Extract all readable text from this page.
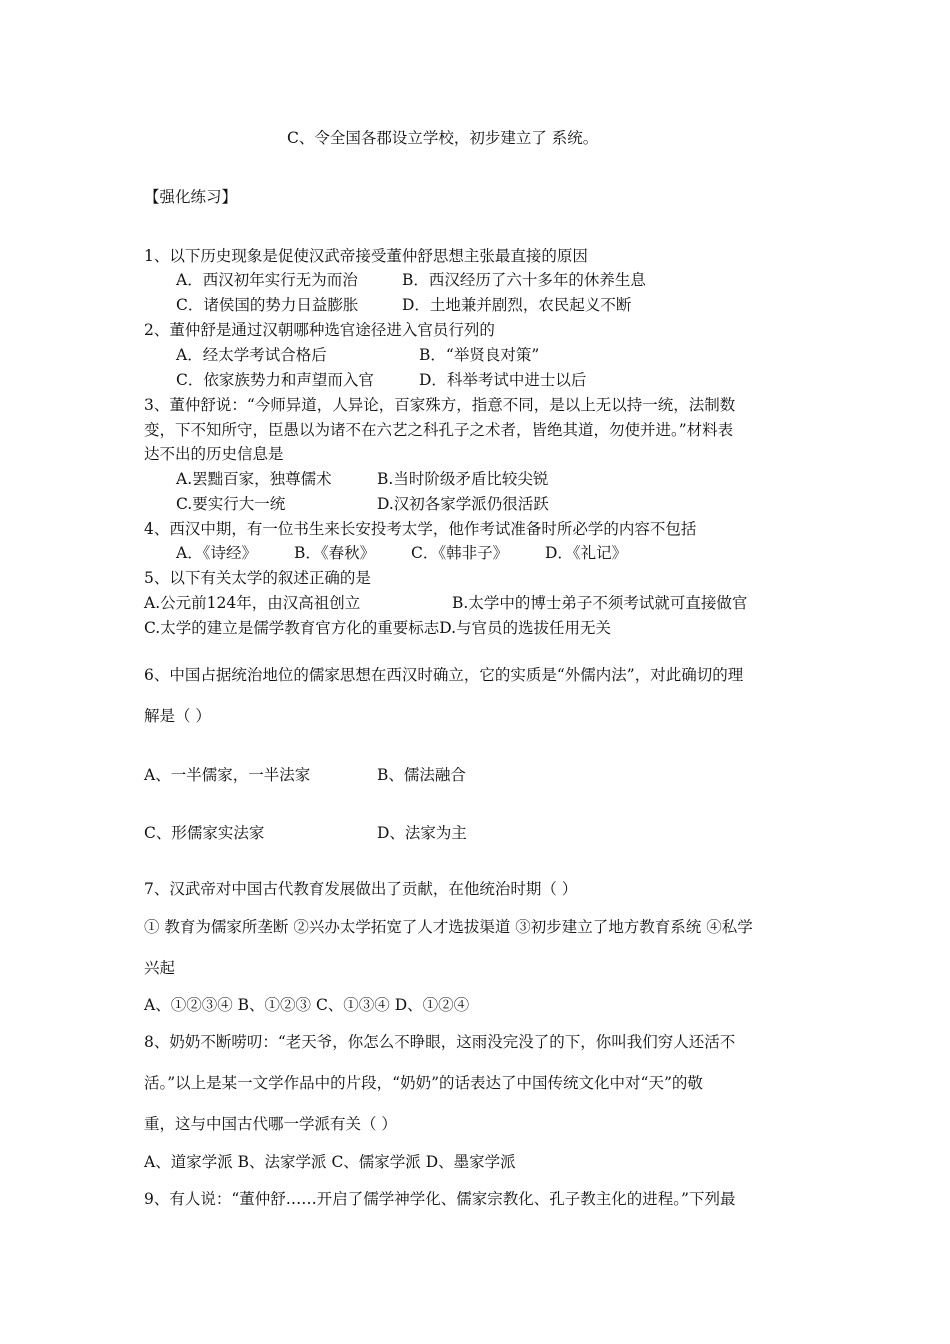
C、令全国各郡设立学校，初步建立了 系统。
【强化练习】
1、以下历史现象是促使汉武帝接受董仲舒思想主张最直接的原因
A．西汉初年实行无为而治	B．西汉经历了六十多年的休养生息
C．诸侯国的势力日益膨胀	D．土地兼并剧烈，农民起义不断
2、董仲舒是通过汉朝哪种选官途径进入官员行列的
A．经太学考试合格后	B．“举贤良对策”
C．依家族势力和声望而入官	D．科举考试中进士以后
3、董仲舒说：“今师异道，人异论，百家殊方，指意不同，是以上无以持一统，法制数
变，下不知所守，臣愚以为诸不在六艺之科孔子之术者，皆绝其道，勿使并进。”材料表
达不出的历史信息是
A.罢黜百家，独尊儒术	B.当时阶级矛盾比较尖锐
C.要实行大一统	D.汉初各家学派仍很活跃
4、西汉中期，有一位书生来长安投考太学，他作考试准备时所必学的内容不包括
A．《诗经》 B．《春秋》 C．《韩非子》 D．《礼记》
5、以下有关太学的叙述正确的是
A.公元前124年，由汉高祖创立	B.太学中的博士弟子不须考试就可直接做官
C.太学的建立是儒学教育官方化的重要标志D.与官员的选拔任用无关
6、中国占据统治地位的儒家思想在西汉时确立，它的实质是“外儒内法”，对此确切的理
解是（ ）
A、一半儒家，一半法家	B、儒法融合
C、形儒家实法家	D、法家为主
7、汉武帝对中国古代教育发展做出了贡献，在他统治时期（ ）
① 教育为儒家所垄断 ②兴办太学拓宽了人才选拔渠道 ③初步建立了地方教育系统 ④私学
兴起
A、①②③④ B、①②③ C、①③④ D、①②④
8、奶奶不断唠叨：“老天爷，你怎么不睁眼，这雨没完没了的下，你叫我们穷人还活不
活。”以上是某一文学作品中的片段，“奶奶”的话表达了中国传统文化中对“天”的敬
重，这与中国古代哪一学派有关（ ）
A、道家学派 B、法家学派 C、儒家学派 D、墨家学派
9、有人说：“董仲舒……开启了儒学神学化、儒家宗教化、孔子教主化的进程。”下列最
